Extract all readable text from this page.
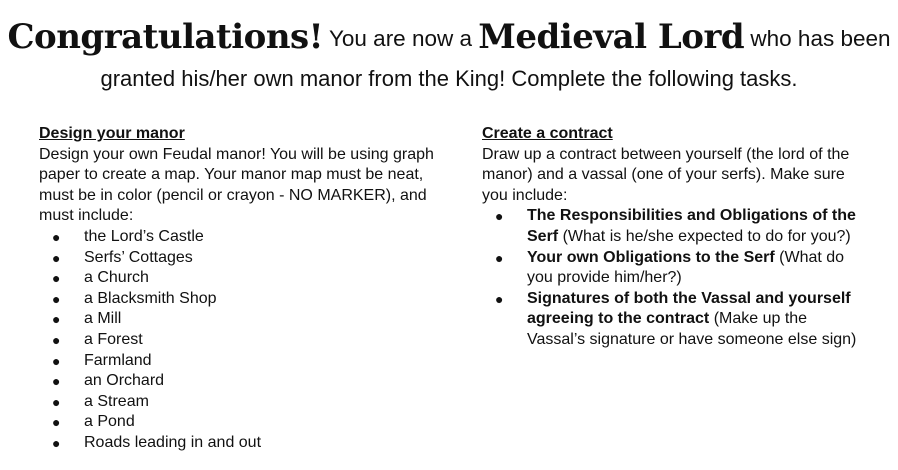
Congratulations! You are now a Medieval Lord who has been
granted his/her own manor from the King! Complete the following tasks.

Design your manor

Design your own Feudal manor! You will be using graph paper to create a map. Your manor map must be neat, must be in color (pencil or crayon - NO MARKER), and must include:

● the Lord’s Castle
● Serfs’ Cottages
● a Church
● a Blacksmith Shop
● a Mill
● a Forest
● Farmland
● an Orchard
● a Stream
● a Pond
● Roads leading in and out

Create a contract

Draw up a contract between yourself (the lord of the manor) and a vassal (one of your serfs). Make sure you include:

● The Responsibilities and Obligations of the Serf (What is he/she expected to do for you?)
● Your own Obligations to the Serf (What do you provide him/her?)
● Signatures of both the Vassal and yourself agreeing to the contract (Make up the Vassal’s signature or have someone else sign)
